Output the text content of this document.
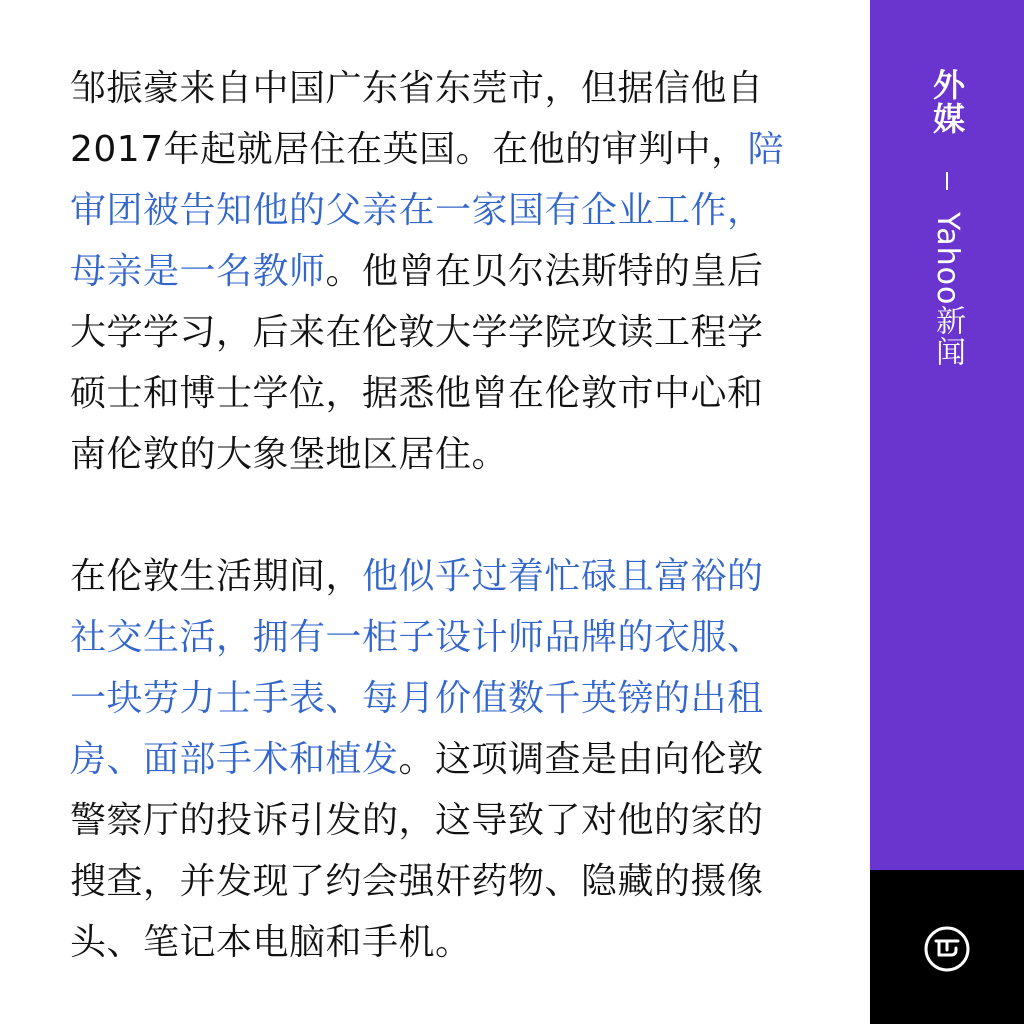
邹振豪来自中国广东省东莞市，但据信他自2017年起就居住在英国。在他的审判中，陪审团被告知他的父亲在一家国有企业工作，母亲是一名教师。他曾在贝尔法斯特的皇后大学学习，后来在伦敦大学学院攻读工程学硕士和博士学位，据悉他曾在伦敦市中心和南伦敦的大象堡地区居住。

在伦敦生活期间，他似乎过着忙碌且富裕的社交生活，拥有一柜子设计师品牌的衣服、一块劳力士手表、每月价值数千英镑的出租房、面部手术和植发。这项调查是由向伦敦警察厅的投诉引发的，这导致了对他的家的搜查，并发现了约会强奸药物、隐藏的摄像头、笔记本电脑和手机。

外媒
Yahoo新闻
